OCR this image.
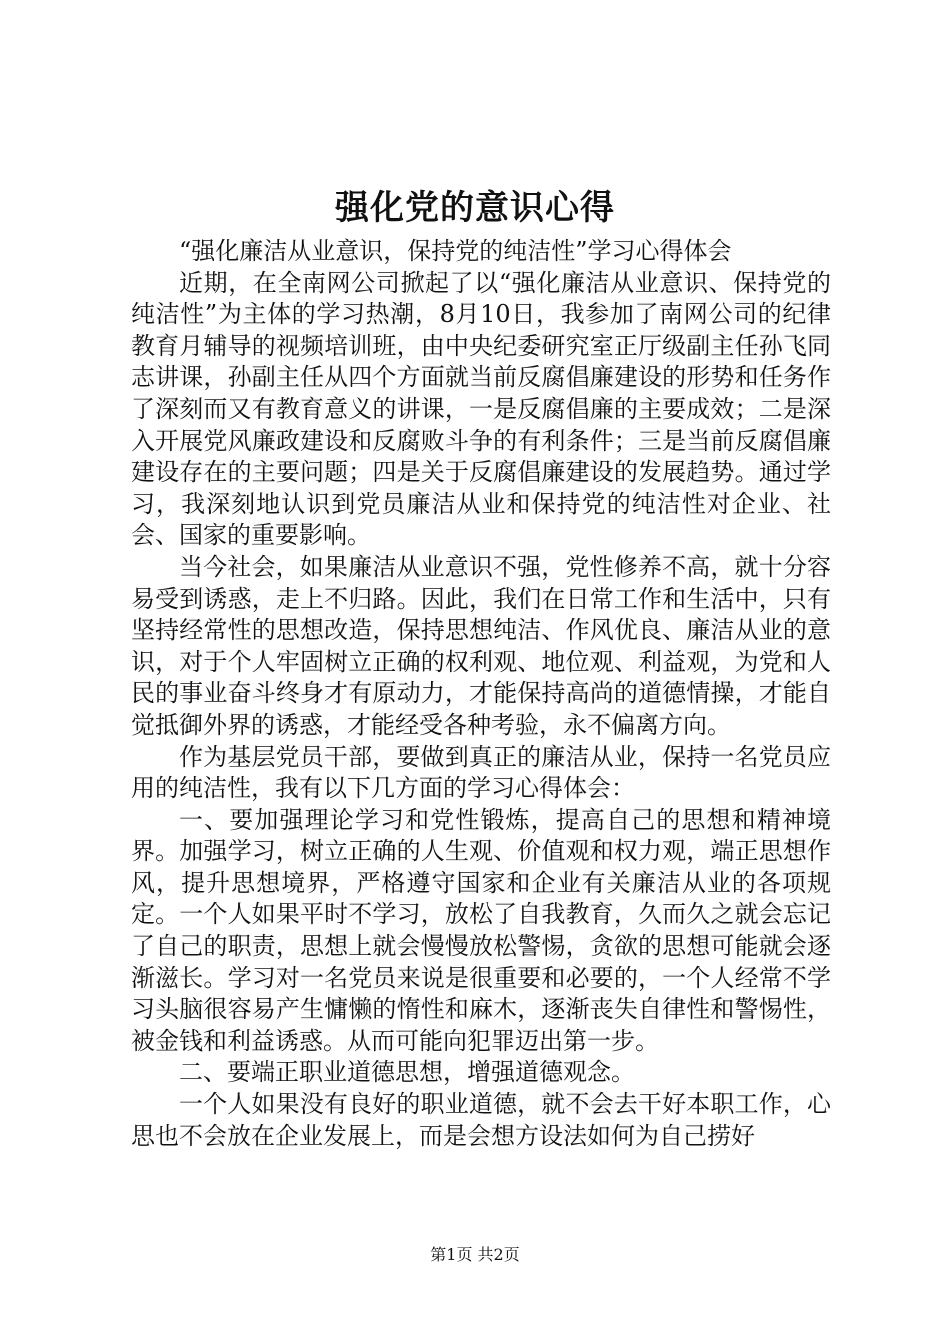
强化党的意识心得

“强化廉洁从业意识，保持党的纯洁性”学习心得体会

近期，在全南网公司掀起了以“强化廉洁从业意识、保持党的纯洁性”为主体的学习热潮，8月10日，我参加了南网公司的纪律教育月辅导的视频培训班，由中央纪委研究室正厅级副主任孙飞同志讲课，孙副主任从四个方面就当前反腐倡廉建设的形势和任务作了深刻而又有教育意义的讲课，一是反腐倡廉的主要成效；二是深入开展党风廉政建设和反腐败斗争的有利条件；三是当前反腐倡廉建设存在的主要问题；四是关于反腐倡廉建设的发展趋势。通过学习，我深刻地认识到党员廉洁从业和保持党的纯洁性对企业、社会、国家的重要影响。

当今社会，如果廉洁从业意识不强，党性修养不高，就十分容易受到诱惑，走上不归路。因此，我们在日常工作和生活中，只有坚持经常性的思想改造，保持思想纯洁、作风优良、廉洁从业的意识，对于个人牢固树立正确的权利观、地位观、利益观，为党和人民的事业奋斗终身才有原动力，才能保持高尚的道德情操，才能自觉抵御外界的诱惑，才能经受各种考验，永不偏离方向。

作为基层党员干部，要做到真正的廉洁从业，保持一名党员应用的纯洁性，我有以下几方面的学习心得体会：

一、要加强理论学习和党性锻炼，提高自己的思想和精神境界。加强学习，树立正确的人生观、价值观和权力观，端正思想作风，提升思想境界，严格遵守国家和企业有关廉洁从业的各项规定。一个人如果平时不学习，放松了自我教育，久而久之就会忘记了自己的职责，思想上就会慢慢放松警惕，贪欲的思想可能就会逐渐滋长。学习对一名党员来说是很重要和必要的，一个人经常不学习头脑很容易产生慵懒的惰性和麻木，逐渐丧失自律性和警惕性，被金钱和利益诱惑。从而可能向犯罪迈出第一步。

二、要端正职业道德思想，增强道德观念。

一个人如果没有良好的职业道德，就不会去干好本职工作，心思也不会放在企业发展上，而是会想方设法如何为自己捞好

第1页 共2页
